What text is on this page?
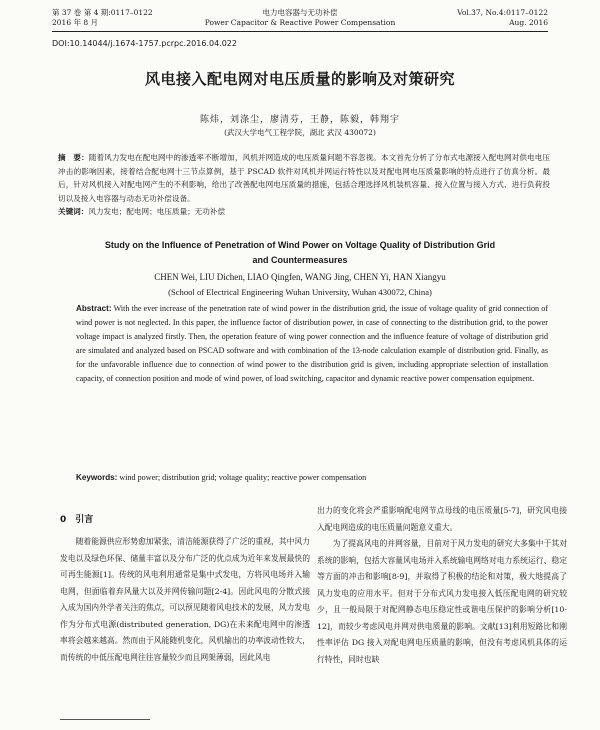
第 37 卷 第 4 期:0117–0122
2016 年 8 月
电力电容器与无功补偿
Power Capacitor & Reactive Power Compensation
Vol.37, No.4:0117–0122
Aug. 2016
DOI:10.14044/j.1674-1757.pcrpc.2016.04.022
风电接入配电网对电压质量的影响及对策研究
陈炜，刘涤尘，廖清芬，王静，陈毅，韩翔宇
(武汉大学电气工程学院，湖北 武汉 430072)
摘　要：随着风力发电在配电网中的渗透率不断增加，风机并网造成的电压质量问题不容忽视。本文首先分析了分布式电源接入配电网对供电电压冲击的影响因素，接着结合配电网十三节点算例，基于 PSCAD 软件对风机并网运行特性以及对配电网电压质量影响的特点进行了仿真分析。最后，针对风机接入对配电网产生的不利影响，给出了改善配电网电压质量的措施，包括合理选择风机装机容量、接入位置与接入方式、进行负荷投切以及接入电容器与动态无功补偿设备。
关键词：风力发电；配电网；电压质量；无功补偿
Study on the Influence of Penetration of Wind Power on Voltage Quality of Distribution Grid
and Countermeasures
CHEN Wei, LIU Dichen, LIAO Qingfen, WANG Jing, CHEN Yi, HAN Xiangyu
(School of Electrical Engineering Wuhan University, Wuhan 430072, China)
Abstract: With the ever increase of the penetration rate of wind power in the distribution grid, the issue of voltage quality of grid connection of wind power is not neglected. In this paper, the influence factor of distribution power, in case of connecting to the distribution grid, to the power voltage impact is analyzed firstly. Then, the operation feature of wing power connection and the influence feature of voltage of distribution grid are simulated and analyzed based on PSCAD software and with combination of the 13-node calculation example of distribution grid. Finally, as for the unfavorable influence due to connection of wind power to the distribution grid is given, including appropriate selection of installation capacity, of connection position and mode of wind power, of load switching, capacitor and dynamic reactive power compensation equipment.
Keywords: wind power; distribution grid; voltage quality; reactive power compensation
0　引言

随着能源供应形势愈加紧张，清洁能源获得了广泛的重视，其中风力发电以及绿色环保、储量丰富以及分布广泛的优点成为近年来发展最快的可再生能源[1]。传统的风电利用通常是集中式发电，方将风电场并入输电网，但面临着弃风量大以及并网传输问题[2-4]。因此风电的分散式接入成为国内外学者关注的焦点，可以预见随着风电技术的发展，风力发电作为分布式电源(distributed generation, DG)在未来配电网中的渗透率将会越来越高。然而由于风能随机变化，风机输出的功率波动性较大，而传统的中低压配电网往往容量较少而且网架薄弱，因此风电

出力的变化将会严重影响配电网节点母线的电压质量[5-7]，研究风电接入配电网造成的电压质量问题意义重大。

为了提高风电的并网容量，目前对于风力发电的研究大多集中于其对系统的影响，包括大容量风电场并入系统输电网络对电力系统运行、稳定等方面的冲击和影响[8-9]，并取得了积极的结论和对策，极大地提高了风力发电的应用水平。但对于分布式风力发电接入低压配电网的研究较少，且一般局限于对配网静态电压稳定性或谐电压保护的影响分析[10-12]，而较少考虑风电并网对供电质量的影响。文献[13]利用短路比和刚性率评估 DG 接入对配电网电压质量的影响，但没有考虑风机具体的运行特性，同时也缺
